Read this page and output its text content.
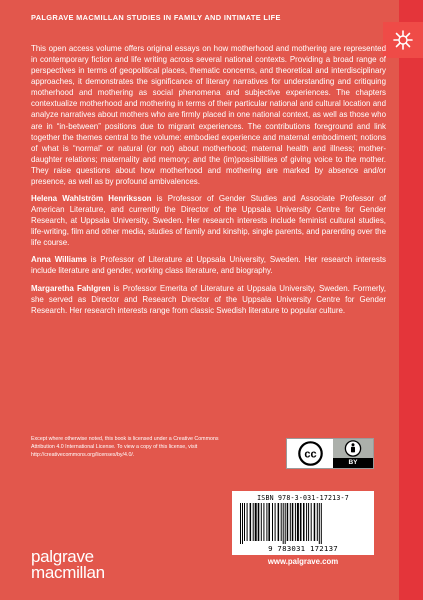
PALGRAVE MACMILLAN STUDIES IN FAMILY AND INTIMATE LIFE

This open access volume offers original essays on how motherhood and mothering are represented in contemporary fiction and life writing across several national contexts. Providing a broad range of perspectives in terms of geopolitical places, thematic concerns, and theoretical and interdisciplinary approaches, it demonstrates the significance of literary narratives for understanding and critiquing motherhood and mothering as social phenomena and subjective experiences. The chapters contextualize motherhood and mothering in terms of their particular national and cultural location and analyze narratives about mothers who are firmly placed in one national context, as well as those who are in “in-between” positions due to migrant experiences. The contributions foreground and link together the themes central to the volume: embodied experience and maternal embodiment; notions of what is “normal” or natural (or not) about motherhood; maternal health and illness; mother-daughter relations; maternality and memory; and the (im)possibilities of giving voice to the mother. They raise questions about how motherhood and mothering are marked by absence and/or presence, as well as by profound ambivalences.

Helena Wahlström Henriksson is Professor of Gender Studies and Associate Professor of American Literature, and currently the Director of the Uppsala University Centre for Gender Research, at Uppsala University, Sweden. Her research interests include feminist cultural studies, life-writing, film and other media, studies of family and kinship, single parents, and parenting over the life course.

Anna Williams is Professor of Literature at Uppsala University, Sweden. Her research interests include literature and gender, working class literature, and biography.

Margaretha Fahlgren is Professor Emerita of Literature at Uppsala University, Sweden. Formerly, she served as Director and Research Director of the Uppsala University Centre for Gender Research. Her research interests range from classic Swedish literature to popular culture.

Except where otherwise noted, this book is licensed under a Creative Commons Attribution 4.0 International License. To view a copy of this license, visit http://creativecommons.org/licenses/by/4.0/.	cc
BY
ISBN 978-3-031-17213-7
9 783031 172137
www.palgrave.com
palgrave
macmillan
